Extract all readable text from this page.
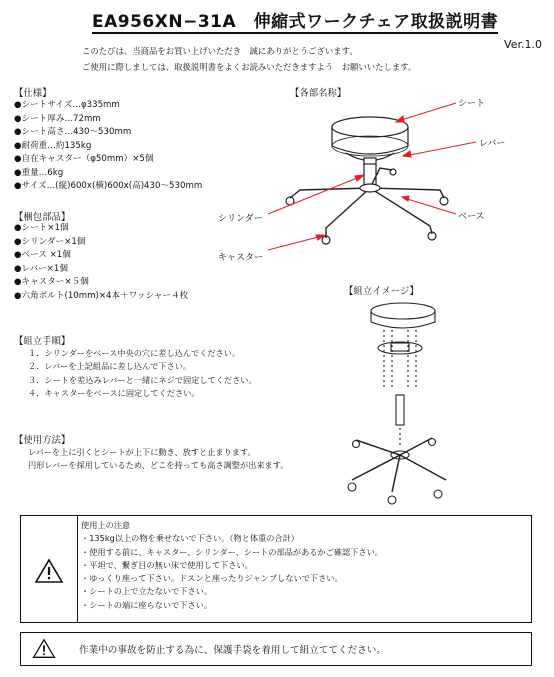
EA956XN−31A　伸縮式ワークチェア取扱説明書
Ver.1.0
このたびは、当商品をお買い上げいただき　誠にありがとうございます。
ご使用に際しましては、取扱説明書をよくお読みいただきますよう　お願いいたします。
【仕様】
●シートサイズ…φ335mm
●シート厚み…72mm
●シート高さ…430～530mm
●耐荷重…約135kg
●自在キャスター（φ50mm）×5個
●重量…6kg
●サイズ…(縦)600x(横)600x(高)430～530mm
【梱包部品】
●シート×1個
●シリンダー×1個
●ベース ×1個
●レバー×1個
●キャスター×５個
●六角ボルト(10mm)×4本＋ワッシャー４枚
【組立手順】
１．シリンダーをベース中央の穴に差し込んでください。
２．レバーを上記組品に差し込んで下さい。
３．シートを差込みレバーと一緒にネジで固定してください。
４．キャスターをベースに固定してください。
【使用方法】
レバーを上に引くとシートが上下に動き、放すと止まります。
円形レバーを採用しているため、どこを持っても高さ調整が出来ます。
【各部名称】
シート
レバー
シリンダー	ベース
キャスター
【組立イメージ】
使用上の注意
・135kg以上の物を乗せないで下さい。（物と体重の合計）
・使用する前に、キャスター、シリンダー、シートの部品があるかご確認下さい。
・平坦で、繋ぎ目の無い床で使用して下さい。
・ゆっくり座って下さい。ドスンと座ったりジャンプしないで下さい。
・シートの上で立たないで下さい。
・シートの端に座らないで下さい。
作業中の事故を防止する為に、保護手袋を着用して組立ててください。
